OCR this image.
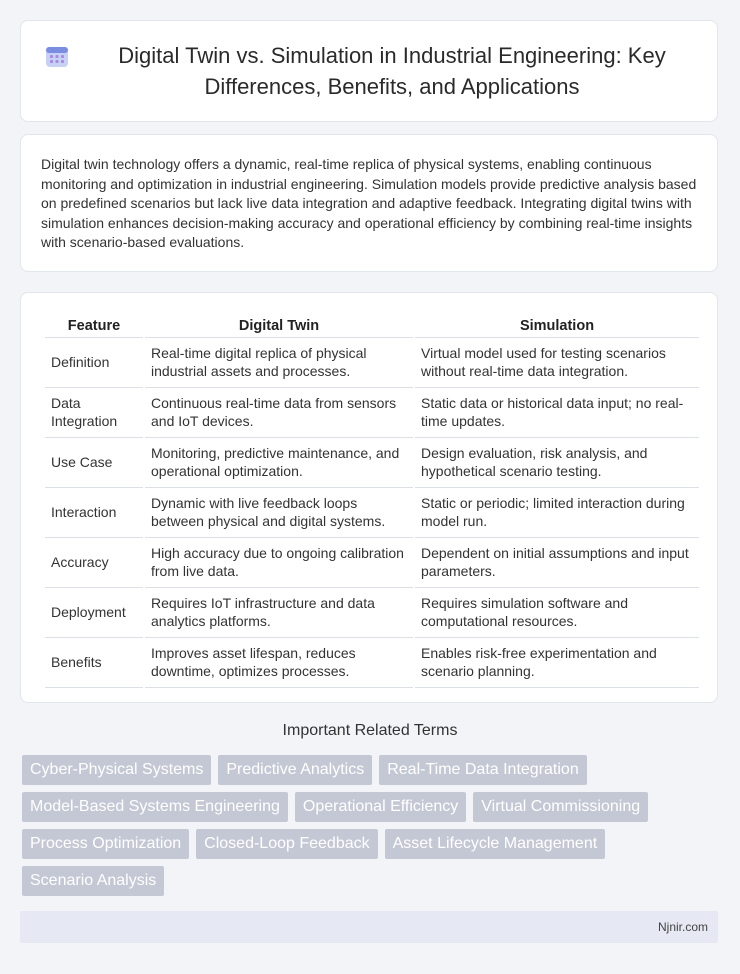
Digital Twin vs. Simulation in Industrial Engineering: Key Differences, Benefits, and Applications

Digital twin technology offers a dynamic, real-time replica of physical systems, enabling continuous monitoring and optimization in industrial engineering. Simulation models provide predictive analysis based on predefined scenarios but lack live data integration and adaptive feedback. Integrating digital twins with simulation enhances decision-making accuracy and operational efficiency by combining real-time insights with scenario-based evaluations.

Feature	Digital Twin	Simulation
Definition	Real-time digital replica of physical industrial assets and processes.	Virtual model used for testing scenarios without real-time data integration.
Data Integration	Continuous real-time data from sensors and IoT devices.	Static data or historical data input; no real-time updates.
Use Case	Monitoring, predictive maintenance, and operational optimization.	Design evaluation, risk analysis, and hypothetical scenario testing.
Interaction	Dynamic with live feedback loops between physical and digital systems.	Static or periodic; limited interaction during model run.
Accuracy	High accuracy due to ongoing calibration from live data.	Dependent on initial assumptions and input parameters.
Deployment	Requires IoT infrastructure and data analytics platforms.	Requires simulation software and computational resources.
Benefits	Improves asset lifespan, reduces downtime, optimizes processes.	Enables risk-free experimentation and scenario planning.
Important Related Terms
Cyber-Physical Systems	Predictive Analytics	Real-Time Data Integration
Model-Based Systems Engineering	Operational Efficiency	Virtual Commissioning
Process Optimization	Closed-Loop Feedback	Asset Lifecycle Management
Scenario Analysis
Njnir.com
